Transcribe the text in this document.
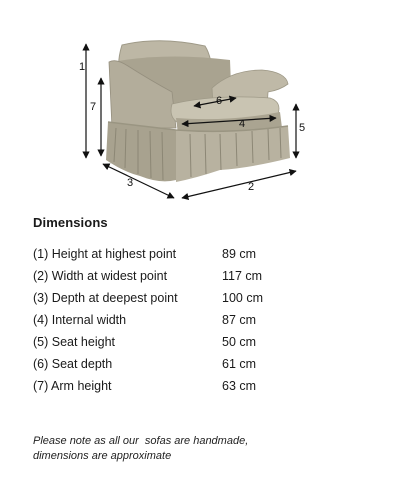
1
2
3
4	5
6
7
Dimensions
(1) Height at highest point	89 cm
(2) Width at widest point	117 cm
(3) Depth at deepest point	100 cm
(4) Internal width	87 cm
(5) Seat height	50 cm
(6) Seat depth	61 cm
(7) Arm height	63 cm
Please note as all our  sofas are handmade,
dimensions are approximate
